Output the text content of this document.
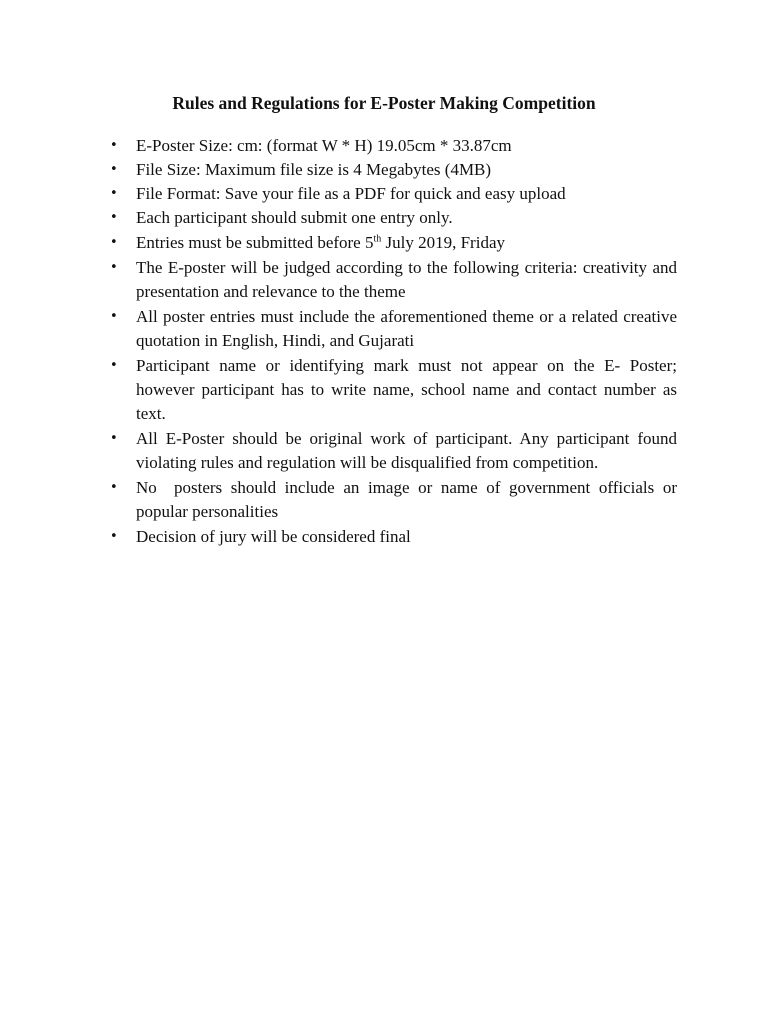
Rules and Regulations for E-Poster Making Competition
• E-Poster Size: cm: (format W * H) 19.05cm * 33.87cm
• File Size: Maximum file size is 4 Megabytes (4MB)
• File Format: Save your file as a PDF for quick and easy upload
• Each participant should submit one entry only.
• Entries must be submitted before 5th July 2019, Friday
• The E-poster will be judged according to the following criteria: creativity and presentation and relevance to the theme
• All poster entries must include the aforementioned theme or a related creative quotation in English, Hindi, and Gujarati
• Participant name or identifying mark must not appear on the E- Poster; however participant has to write name, school name and contact number as text.
• All E-Poster should be original work of participant. Any participant found violating rules and regulation will be disqualified from competition.
• No  posters should include an image or name of government officials or popular personalities
• Decision of jury will be considered final
